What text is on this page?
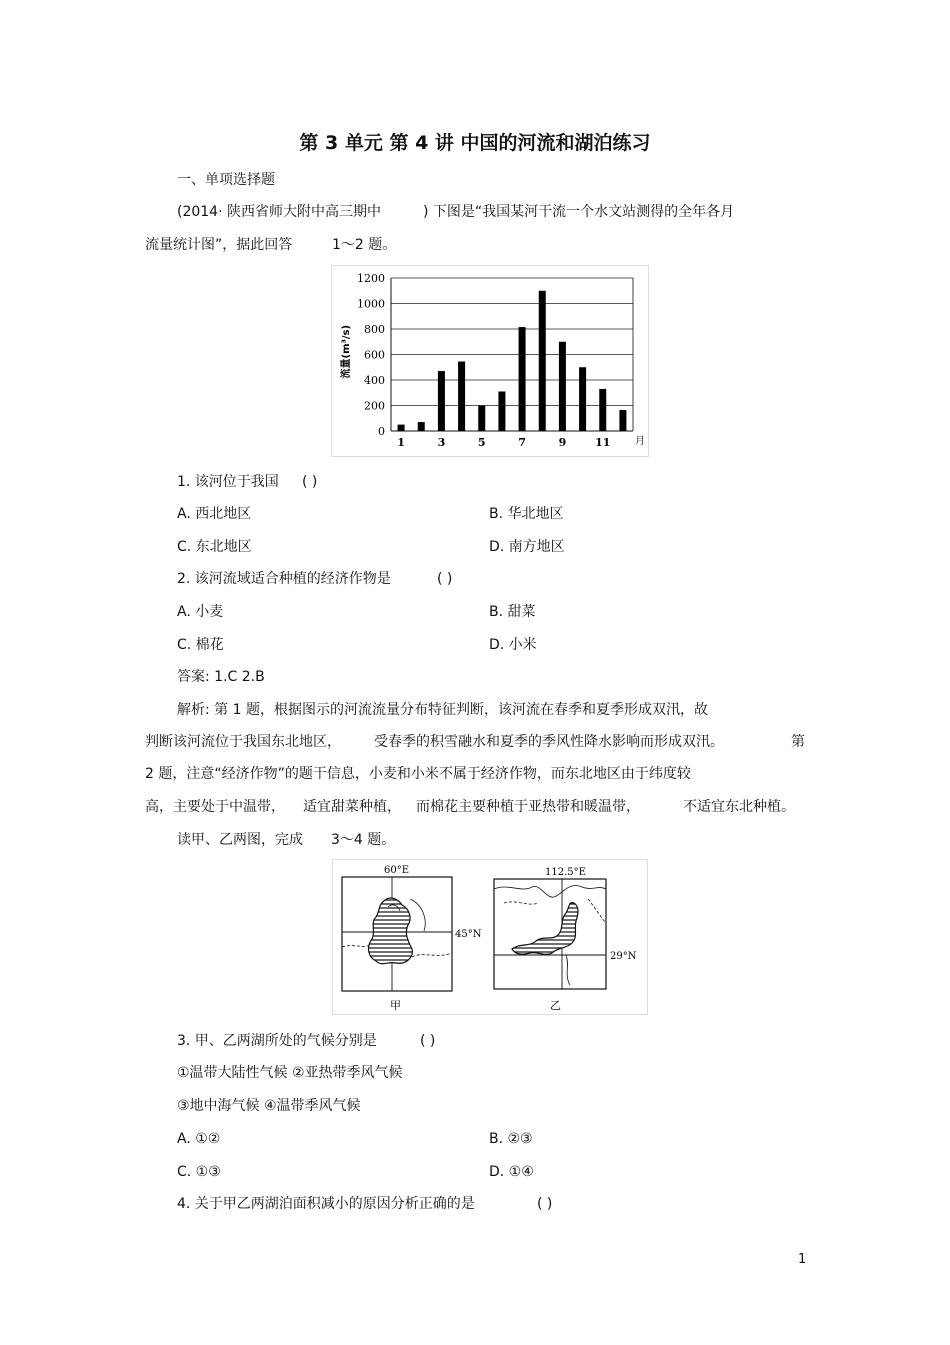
第 3 单元 第 4 讲 中国的河流和湖泊练习
一、单项选择题
(2014· 陕西省师大附中高三期中	) 下图是“我国某河干流一个水文站测得的全年各月
流量统计图”，据此回答	1～2 题。
0
200
400
600
800
1000
1200
1	3	5	7	9	11 月
流量(m³/s)
1. 该河位于我国 ( )
A. 西北地区	B. 华北地区
C. 东北地区	D. 南方地区
2. 该河流域适合种植的经济作物是	( )
A. 小麦	B. 甜菜
C. 棉花	D. 小米
答案: 1.C 2.B
解析: 第 1 题，根据图示的河流流量分布特征判断，该河流在春季和夏季形成双汛，故
判断该河流位于我国东北地区， 受春季的积雪融水和夏季的季风性降水影响而形成双汛。	第
2 题，注意“经济作物”的题干信息，小麦和小米不属于经济作物，而东北地区由于纬度较
高，主要处于中温带， 适宜甜菜种植， 而棉花主要种植于亚热带和暖温带，	不适宜东北种植。
读甲、乙两图，完成 3～4 题。
60°E
45°N
甲
112.5°E
29°N
乙
3. 甲、乙两湖所处的气候分别是	( )
①温带大陆性气候 ②亚热带季风气候
③地中海气候 ④温带季风气候
A. ①②	B. ②③
C. ①③	D. ①④
4. 关于甲乙两湖泊面积减小的原因分析正确的是	( )
1
